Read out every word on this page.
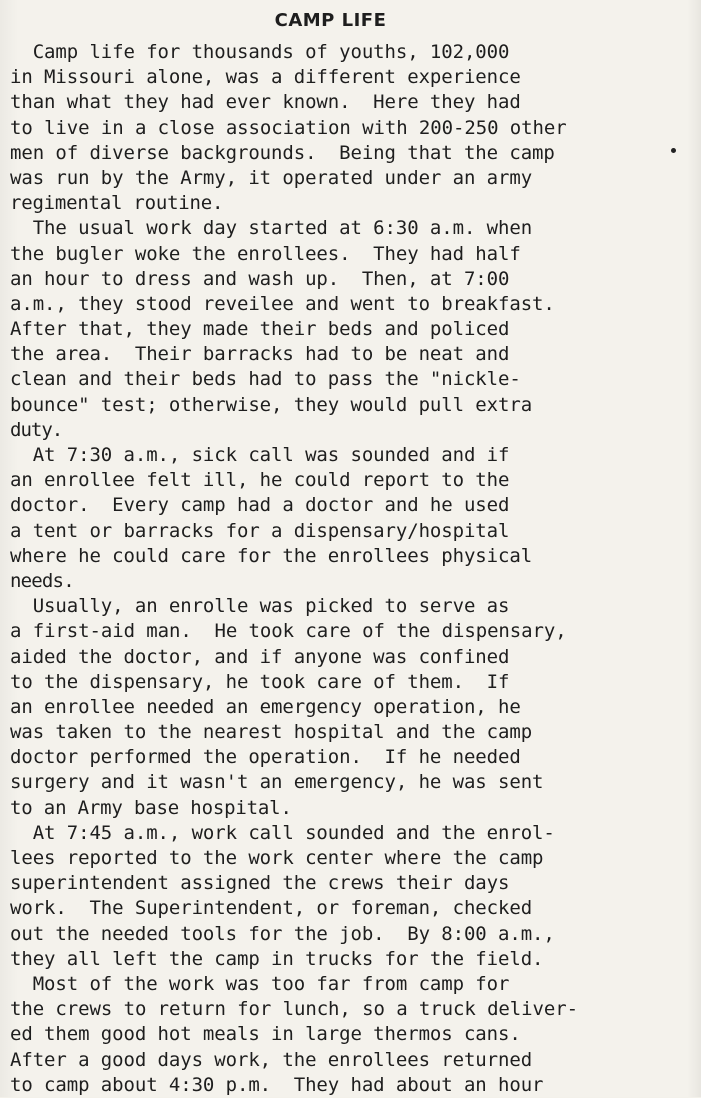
CAMP LIFE
Camp life for thousands of youths, 102,000
in Missouri alone, was a different experience
than what they had ever known.  Here they had
to live in a close association with 200-250 other
men of diverse backgrounds.  Being that the camp
was run by the Army, it operated under an army
regimental routine.
The usual work day started at 6:30 a.m. when
the bugler woke the enrollees.  They had half
an hour to dress and wash up.  Then, at 7:00
a.m., they stood reveilee and went to breakfast.
After that, they made their beds and policed
the area.  Their barracks had to be neat and
clean and their beds had to pass the "nickle-
bounce" test; otherwise, they would pull extra
duty.
At 7:30 a.m., sick call was sounded and if
an enrollee felt ill, he could report to the
doctor.  Every camp had a doctor and he used
a tent or barracks for a dispensary/hospital
where he could care for the enrollees physical
needs.
Usually, an enrolle was picked to serve as
a first-aid man.  He took care of the dispensary,
aided the doctor, and if anyone was confined
to the dispensary, he took care of them.  If
an enrollee needed an emergency operation, he
was taken to the nearest hospital and the camp
doctor performed the operation.  If he needed
surgery and it wasn't an emergency, he was sent
to an Army base hospital.
At 7:45 a.m., work call sounded and the enrol-
lees reported to the work center where the camp
superintendent assigned the crews their days
work.  The Superintendent, or foreman, checked
out the needed tools for the job.  By 8:00 a.m.,
they all left the camp in trucks for the field.
Most of the work was too far from camp for
the crews to return for lunch, so a truck deliver-
ed them good hot meals in large thermos cans.
After a good days work, the enrollees returned
to camp about 4:30 p.m.  They had about an hour
